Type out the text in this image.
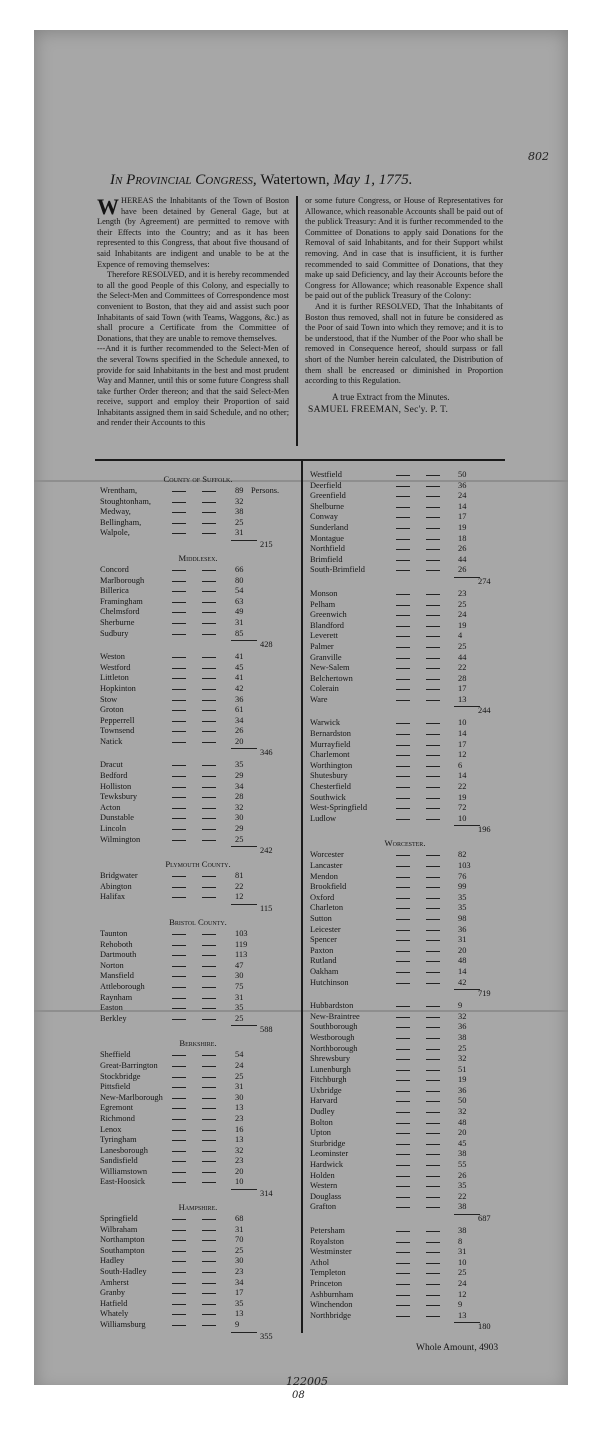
802
122005
08
In Provincial Congress, Watertown, May 1, 1775.

WHEREAS the Inhabitants of the Town of Boston have been detained by General Gage, but at Length (by Agreement) are permitted to remove with their Effects into the Country; and as it has been represented to this Congress, that about five thousand of said Inhabitants are indigent and unable to be at the Expence of removing themselves:

Therefore RESOLVED, and it is hereby recommended to all the good People of this Colony, and especially to the Select-Men and Committees of Correspondence most convenient to Boston, that they aid and assist such poor Inhabitants of said Town (with Teams, Waggons, &c.) as shall procure a Certificate from the Committee of Donations, that they are unable to remove themselves.

---And it is further recommended to the Select-Men of the several Towns specified in the Schedule annexed, to provide for said Inhabitants in the best and most prudent Way and Manner, until this or some future Congress shall take further Order thereon; and that the said Select-Men receive, support and employ their Proportion of said Inhabitants assigned them in said Schedule, and no other; and render their Accounts to this

or some future Congress, or House of Representatives for Allowance, which reasonable Accounts shall be paid out of the publick Treasury: And it is further recommended to the Committee of Donations to apply said Donations for the Removal of said Inhabitants, and for their Support whilst removing. And in case that is insufficient, it is further recommended to said Committee of Donations, that they make up said Deficiency, and lay their Accounts before the Congress for Allowance; which reasonable Expence shall be paid out of the publick Treasury of the Colony:

And it is further RESOLVED, That the Inhabitants of Boston thus removed, shall not in future be considered as the Poor of said Town into which they remove; and it is to be understood, that if the Number of the Poor who shall be removed in Consequence hereof, should surpass or fall short of the Number herein calculated, the Distribution of them shall be encreased or diminished in Proportion according to this Regulation.

A true Extract from the Minutes.
SAMUEL FREEMAN, Sec'y. P. T.
County of Suffolk.
Wrentham,	89 Persons.
Stoughtonham,	32
Medway,	38
Bellingham,	25
Walpole,	31
215
Middlesex.
Concord	66
Marlborough	80
Billerica	54
Framingham	63
Chelmsford	49
Sherburne	31
Sudbury	85
428
Weston	41
Westford	45
Littleton	41
Hopkinton	42
Stow	36
Groton	61
Pepperrell	34
Townsend	26
Natick	20
346
Dracut	35
Bedford	29
Holliston	34
Tewksbury	28
Acton	32
Dunstable	30
Lincoln	29
Wilmington	25
242
Plymouth County.
Bridgwater	81
Abington	22
Halifax	12
115
Bristol County.
Taunton	103
Rehoboth	119
Dartmouth	113
Norton	47
Mansfield	30
Attleborough	75
Raynham	31
Easton	35
Berkley	25
588
Berkshire.
Sheffield	54
Great-Barrington	24
Stockbridge	25
Pittsfield	31
New-Marlborough	30
Egremont	13
Richmond	23
Lenox	16
Tyringham	13
Lanesborough	32
Sandisfield	23
Williamstown	20
East-Hoosick	10
314
Hampshire.
Springfield	68
Wilbraham	31
Northampton	70
Southampton	25
Hadley	30
South-Hadley	23
Amherst	34
Granby	17
Hatfield	35
Whately	13
Williamsburg	9
355
Westfield	50
Deerfield	36
Greenfield	24
Shelburne	14
Conway	17
Sunderland	19
Montague	18
Northfield	26
Brimfield	44
South-Brimfield	26
274
Monson	23
Pelham	25
Greenwich	24
Blandford	19
Leverett	4
Palmer	25
Granville	44
New-Salem	22
Belchertown	28
Colerain	17
Ware	13
244
Warwick	10
Bernardston	14
Murrayfield	17
Charlemont	12
Worthington	6
Shutesbury	14
Chesterfield	22
Southwick	19
West-Springfield	72
Ludlow	10
196
Worcester.
Worcester	82
Lancaster	103
Mendon	76
Brookfield	99
Oxford	35
Charleton	35
Sutton	98
Leicester	36
Spencer	31
Paxton	20
Rutland	48
Oakham	14
Hutchinson	42
719
Hubbardston	9
New-Braintree	32
Southborough	36
Westborough	38
Northborough	25
Shrewsbury	32
Lunenburgh	51
Fitchburgh	19
Uxbridge	36
Harvard	50
Dudley	32
Bolton	48
Upton	20
Sturbridge	45
Leominster	38
Hardwick	55
Holden	26
Western	35
Douglass	22
Grafton	38
687
Petersham	38
Royalston	8
Westminster	31
Athol	10
Templeton	25
Princeton	24
Ashburnham	12
Winchendon	9
Northbridge	13
180
Whole Amount, 4903
